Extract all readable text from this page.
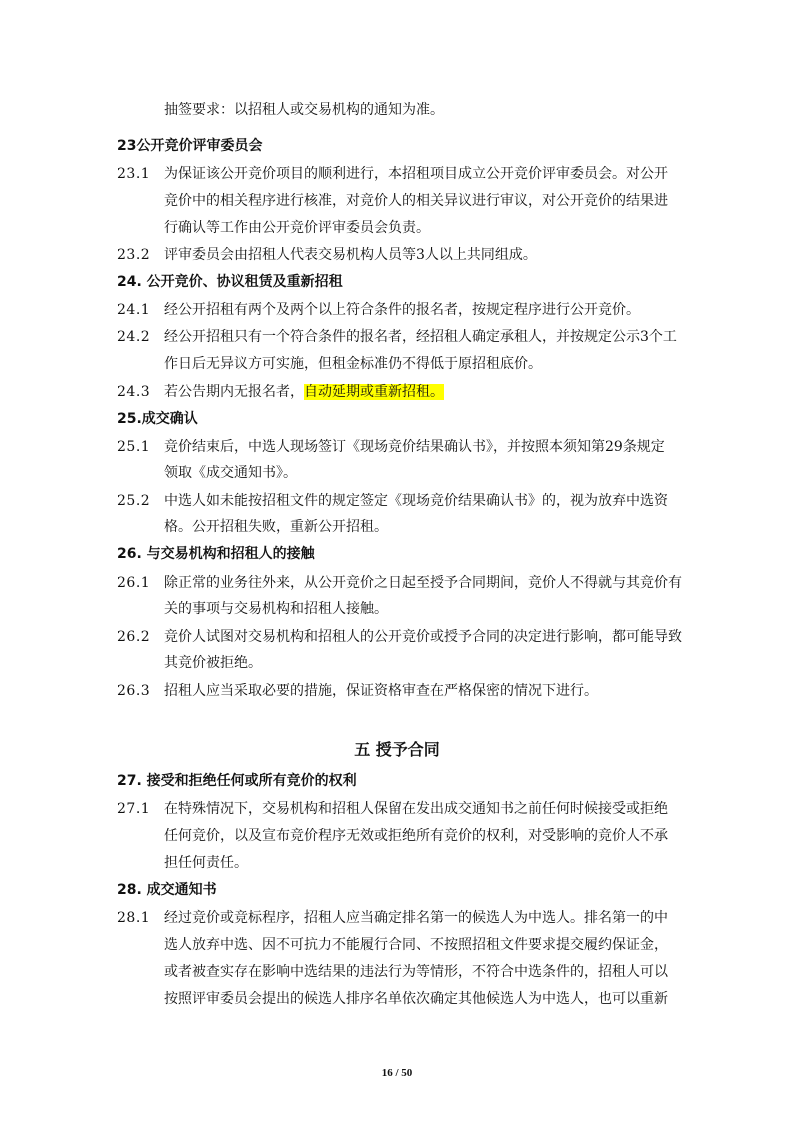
抽签要求：以招租人或交易机构的通知为准。
23公开竞价评审委员会
23.1 为保证该公开竞价项目的顺利进行，本招租项目成立公开竞价评审委员会。对公开
竞价中的相关程序进行核准，对竞价人的相关异议进行审议，对公开竞价的结果进
行确认等工作由公开竞价评审委员会负责。
23.2 评审委员会由招租人代表交易机构人员等3人以上共同组成。
24. 公开竞价、协议租赁及重新招租
24.1 经公开招租有两个及两个以上符合条件的报名者，按规定程序进行公开竞价。
24.2 经公开招租只有一个符合条件的报名者，经招租人确定承租人，并按规定公示3个工
作日后无异议方可实施，但租金标准仍不得低于原招租底价。
24.3 若公告期内无报名者，自动延期或重新招租。
25.成交确认
25.1 竞价结束后，中选人现场签订《现场竞价结果确认书》，并按照本须知第29条规定
领取《成交通知书》。
25.2 中选人如未能按招租文件的规定签定《现场竞价结果确认书》的，视为放弃中选资
格。公开招租失败，重新公开招租。
26. 与交易机构和招租人的接触
26.1 除正常的业务往外来，从公开竞价之日起至授予合同期间，竞价人不得就与其竞价有
关的事项与交易机构和招租人接触。
26.2 竞价人试图对交易机构和招租人的公开竞价或授予合同的决定进行影响，都可能导致
其竞价被拒绝。
26.3 招租人应当采取必要的措施，保证资格审查在严格保密的情况下进行。
五 授予合同
27. 接受和拒绝任何或所有竞价的权利
27.1 在特殊情况下，交易机构和招租人保留在发出成交通知书之前任何时候接受或拒绝
任何竞价，以及宣布竞价程序无效或拒绝所有竞价的权利，对受影响的竞价人不承
担任何责任。
28. 成交通知书
28.1 经过竞价或竞标程序，招租人应当确定排名第一的候选人为中选人。排名第一的中
选人放弃中选、因不可抗力不能履行合同、不按照招租文件要求提交履约保证金，
或者被查实存在影响中选结果的违法行为等情形，不符合中选条件的，招租人可以
按照评审委员会提出的候选人排序名单依次确定其他候选人为中选人，也可以重新
16 / 50
